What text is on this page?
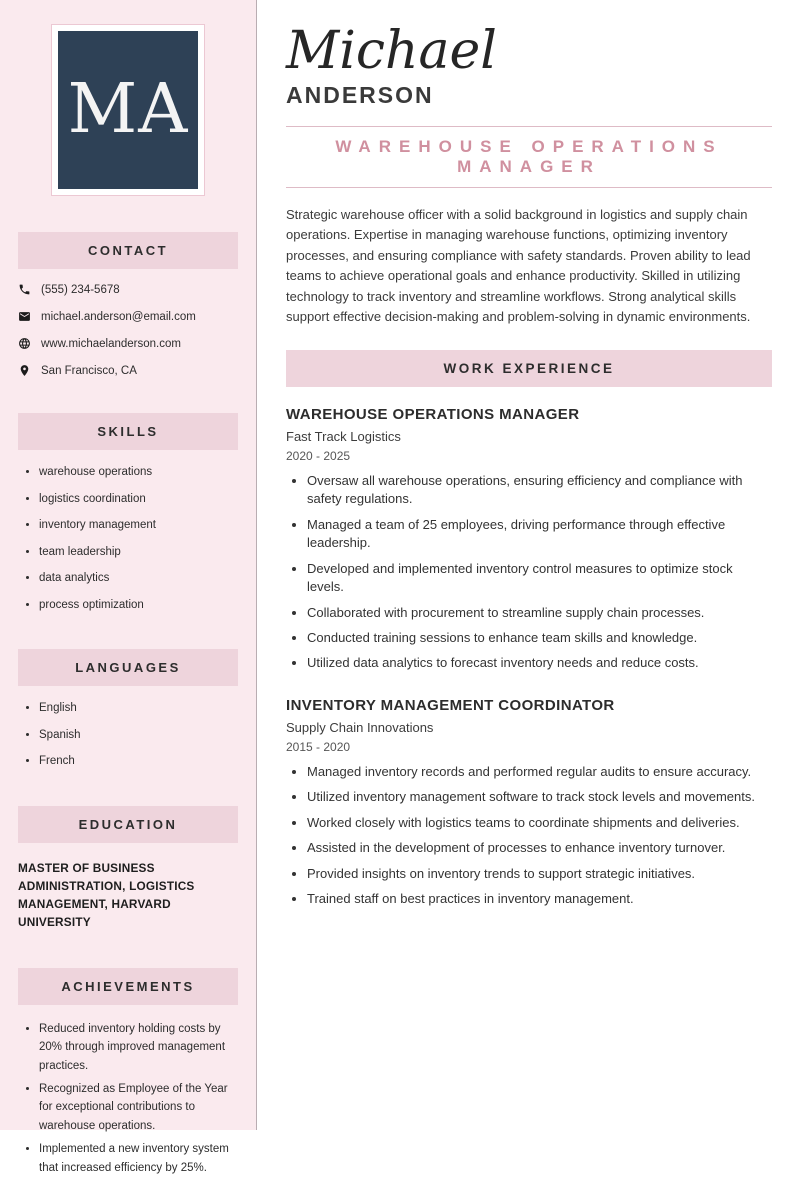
MA
CONTACT
(555) 234-5678
michael.anderson@email.com
www.michaelanderson.com
San Francisco, CA
SKILLS
• warehouse operations
• logistics coordination
• inventory management
• team leadership
• data analytics
• process optimization
LANGUAGES
• English
• Spanish
• French
EDUCATION
MASTER OF BUSINESS ADMINISTRATION, LOGISTICS MANAGEMENT, HARVARD UNIVERSITY
ACHIEVEMENTS
• Reduced inventory holding costs by 20% through improved management practices.
• Recognized as Employee of the Year for exceptional contributions to warehouse operations.
• Implemented a new inventory system that increased efficiency by 25%.
Michael
ANDERSON
WAREHOUSE OPERATIONS MANAGER

Strategic warehouse officer with a solid background in logistics and supply chain operations. Expertise in managing warehouse functions, optimizing inventory processes, and ensuring compliance with safety standards. Proven ability to lead teams to achieve operational goals and enhance productivity. Skilled in utilizing technology to track inventory and streamline workflows. Strong analytical skills support effective decision-making and problem-solving in dynamic environments.

WORK EXPERIENCE
WAREHOUSE OPERATIONS MANAGER
Fast Track Logistics
2020 - 2025
• Oversaw all warehouse operations, ensuring efficiency and compliance with safety regulations.
• Managed a team of 25 employees, driving performance through effective leadership.
• Developed and implemented inventory control measures to optimize stock levels.
• Collaborated with procurement to streamline supply chain processes.
• Conducted training sessions to enhance team skills and knowledge.
• Utilized data analytics to forecast inventory needs and reduce costs.
INVENTORY MANAGEMENT COORDINATOR
Supply Chain Innovations
2015 - 2020
• Managed inventory records and performed regular audits to ensure accuracy.
• Utilized inventory management software to track stock levels and movements.
• Worked closely with logistics teams to coordinate shipments and deliveries.
• Assisted in the development of processes to enhance inventory turnover.
• Provided insights on inventory trends to support strategic initiatives.
• Trained staff on best practices in inventory management.
